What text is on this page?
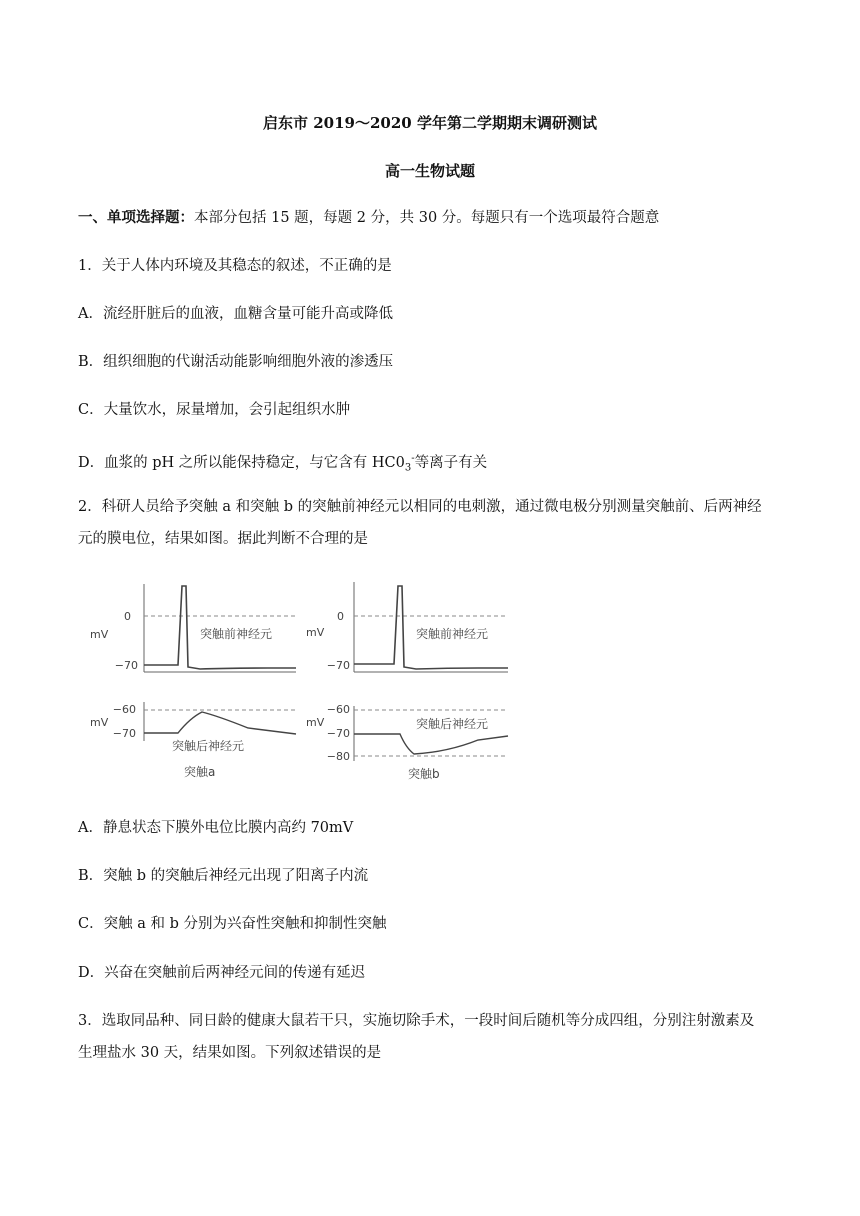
启东市 2019～2020 学年第二学期期末调研测试
高一生物试题
一、单项选择题：本部分包括 15 题，每题 2 分，共 30 分。每题只有一个选项最符合题意
1．关于人体内环境及其稳态的叙述，不正确的是
A．流经肝脏后的血液，血糖含量可能升高或降低
B．组织细胞的代谢活动能影响细胞外液的渗透压
C．大量饮水，尿量增加，会引起组织水肿
D．血浆的 pH 之所以能保持稳定，与它含有 $HC0_3^-$等离子有关
2．科研人员给予突触 a 和突触 b 的突触前神经元以相同的电刺激，通过微电极分别测量突触前、后两神经
元的膜电位，结果如图。据此判断不合理的是
mV
0
−70
突触前神经元	mV
0
−70
突触前神经元
mV
−60
−70
突触后神经元
突触a
mV
−60
−70
−80
突触后神经元
突触b
A．静息状态下膜外电位比膜内高约 70mV
B．突触 b 的突触后神经元出现了阳离子内流
C．突触 a 和 b 分别为兴奋性突触和抑制性突触
D．兴奋在突触前后两神经元间的传递有延迟
3．选取同品种、同日龄的健康大鼠若干只，实施切除手术，一段时间后随机等分成四组，分别注射激素及
生理盐水 30 天，结果如图。下列叙述错误的是
